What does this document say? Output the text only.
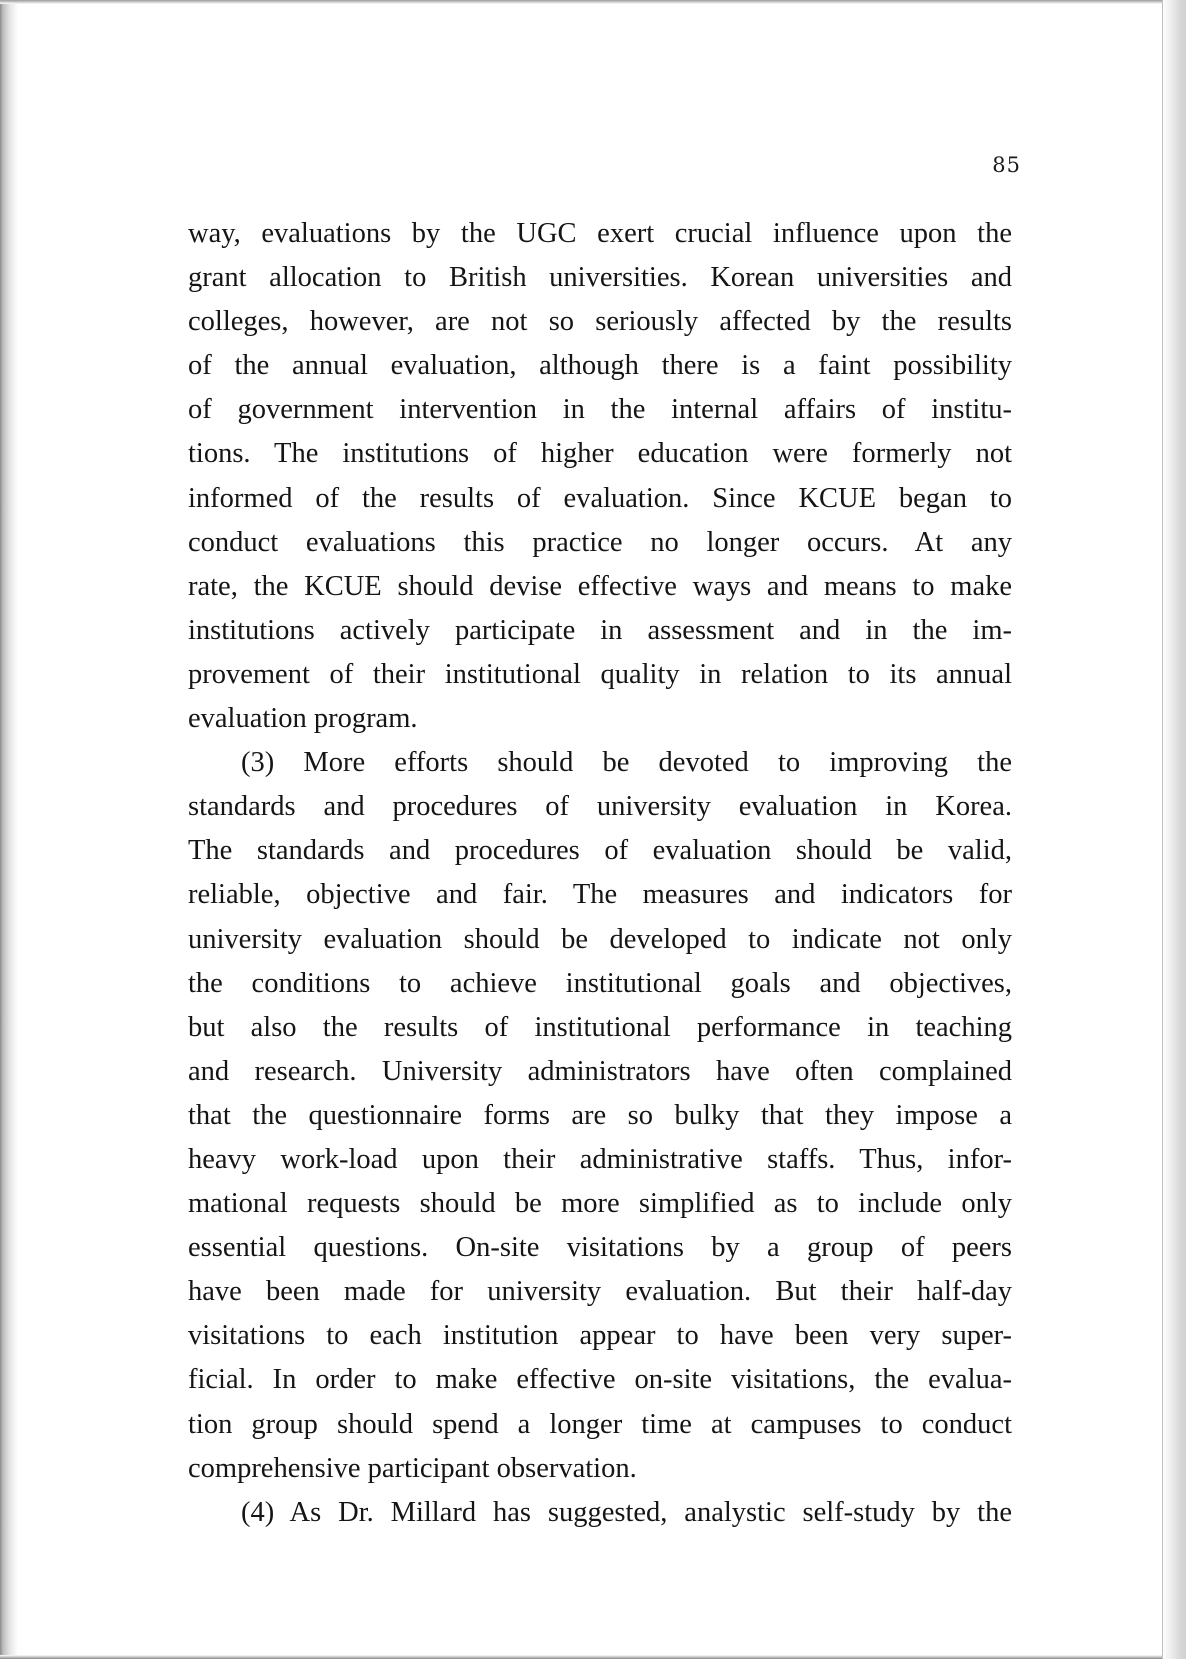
85

way, evaluations by the UGC exert crucial influence upon the
grant allocation to British universities. Korean universities and
colleges, however, are not so seriously affected by the results
of the annual evaluation, although there is a faint possibility
of government intervention in the internal affairs of institu-
tions. The institutions of higher education were formerly not
informed of the results of evaluation. Since KCUE began to
conduct evaluations this practice no longer occurs. At any
rate, the KCUE should devise effective ways and means to make
institutions actively participate in assessment and in the im-
provement of their institutional quality in relation to its annual
evaluation program.

(3) More efforts should be devoted to improving the
standards and procedures of university evaluation in Korea.
The standards and procedures of evaluation should be valid,
reliable, objective and fair. The measures and indicators for
university evaluation should be developed to indicate not only
the conditions to achieve institutional goals and objectives,
but also the results of institutional performance in teaching
and research. University administrators have often complained
that the questionnaire forms are so bulky that they impose a
heavy work-load upon their administrative staffs. Thus, infor-
mational requests should be more simplified as to include only
essential questions. On-site visitations by a group of peers
have been made for university evaluation. But their half-day
visitations to each institution appear to have been very super-
ficial. In order to make effective on-site visitations, the evalua-
tion group should spend a longer time at campuses to conduct
comprehensive participant observation.

(4) As Dr. Millard has suggested, analystic self-study by the
